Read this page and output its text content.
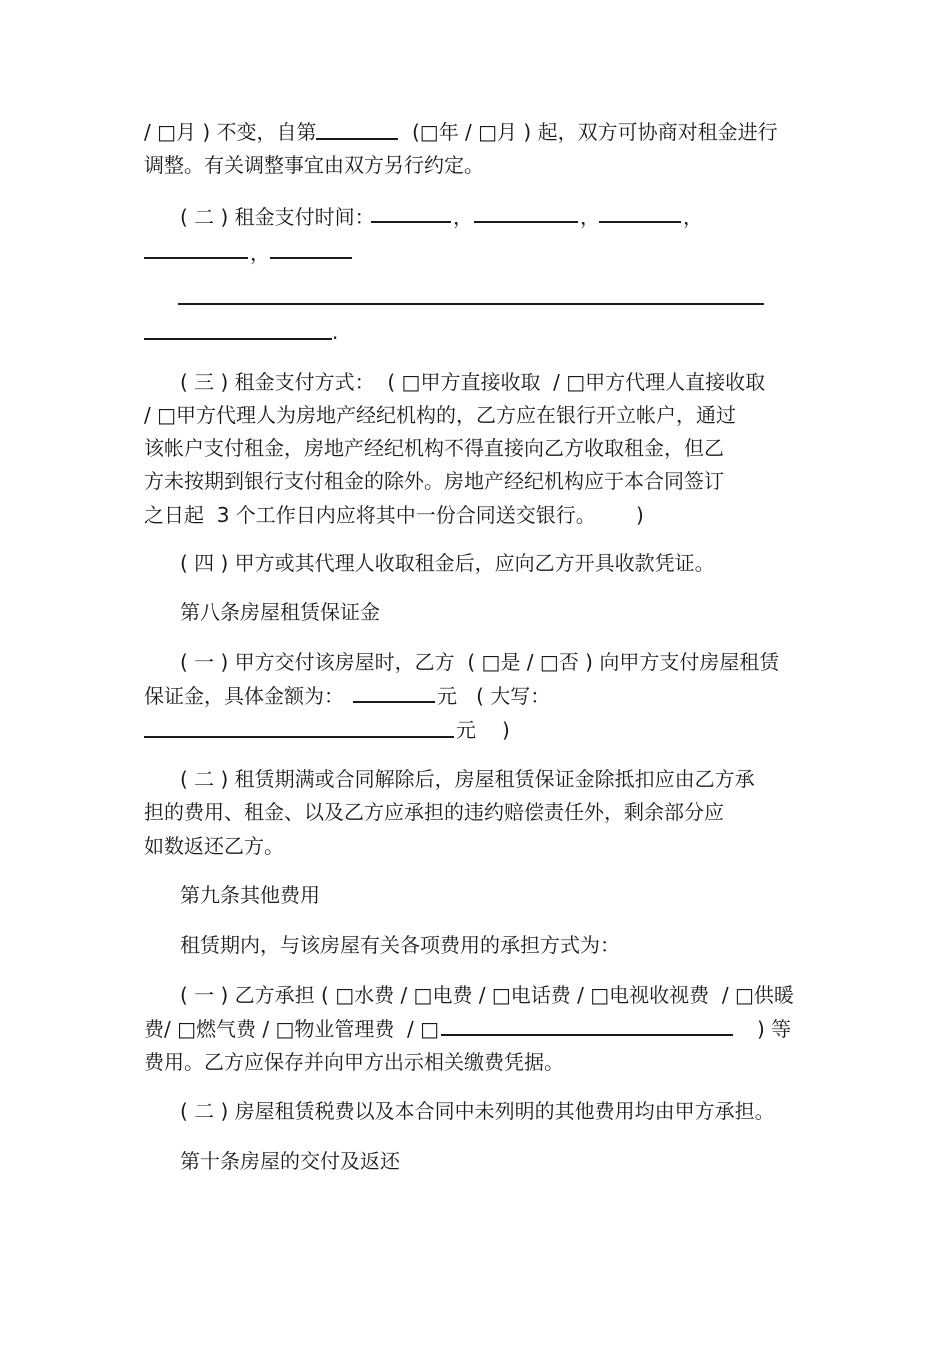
/ □月 ) 不变，自第	(□年 / □月 ) 起，双方可协商对租金进行
调整。有关调整事宜由双方另行约定。
( 二 ) 租金支付时间：	，	，	，
，
.
( 三 ) 租金支付方式：  ( □甲方直接收取  / □甲方代理人直接收取
/ □甲方代理人为房地产经纪机构的，乙方应在银行开立帐户，通过
该帐户支付租金，房地产经纪机构不得直接向乙方收取租金，但乙
方未按期到银行支付租金的除外。房地产经纪机构应于本合同签订
之日起  3 个工作日内应将其中一份合同送交银行。 )
( 四 ) 甲方或其代理人收取租金后，应向乙方开具收款凭证。
第八条房屋租赁保证金
( 一 ) 甲方交付该房屋时，乙方  ( □是 / □否 ) 向甲方支付房屋租赁
保证金，具体金额为：	元   ( 大写：
元 )
( 二 ) 租赁期满或合同解除后，房屋租赁保证金除抵扣应由乙方承
担的费用、租金、以及乙方应承担的违约赔偿责任外，剩余部分应
如数返还乙方。
第九条其他费用
租赁期内，与该房屋有关各项费用的承担方式为：
( 一 ) 乙方承担 ( □水费 / □电费 / □电话费 / □电视收视费  / □供暖
费/ □燃气费 / □物业管理费  / □	) 等
费用。乙方应保存并向甲方出示相关缴费凭据。
( 二 ) 房屋租赁税费以及本合同中未列明的其他费用均由甲方承担。
第十条房屋的交付及返还
